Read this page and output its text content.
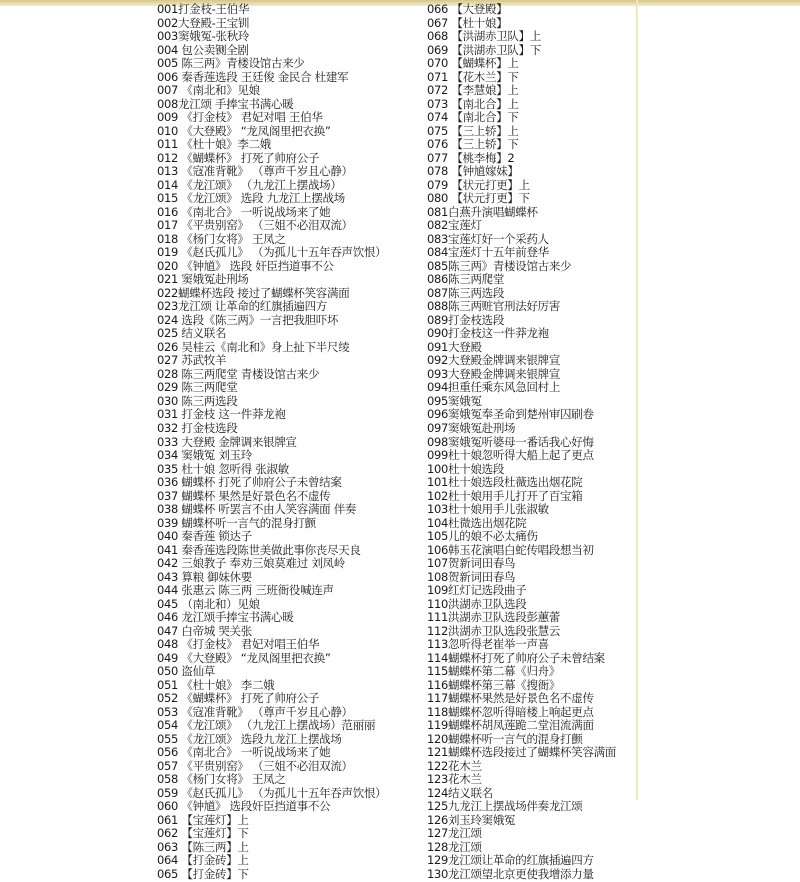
001打金枝-王伯华
002大登殿-王宝钏
003窦娥冤-张秋玲
004 包公卖铡全剧
005 陈三两》青楼设馆古来少
006 秦香莲选段 王廷俊 金民合 杜建军
007 《南北和》见娘
008龙江颂 手捧宝书满心暖
009 《打金枝》 君妃对唱 王伯华
010 《大登殿》 “龙凤阁里把衣换”
011 《杜十娘》李二娥
012 《蝴蝶杯》 打死了帅府公子
013 《寇准背靴》 （尊声千岁且心静）
014 《龙江颂》 （九龙江上摆战场）
015 《龙江颂》 选段 九龙江上摆战场
016 《南北合》 一听说战场来了她
017 《平贵别窑》 （三姐不必泪双流）
018 《杨门女将》 王凤之
019 《赵氏孤儿》 （为孤儿十五年吞声饮恨）
020 《钟馗》 选段 奸臣挡道事不公
021 窦娥冤赴刑场
022蝴蝶杯选段 接过了蝴蝶杯笑容满面
023龙江颂 让革命的红旗插遍四方
024 选段《陈三两》一言把我胆吓坏
025 结义联名
026 吴桂云《南北和》身上扯下半尺绫
027 苏武牧羊
028 陈三两爬堂 青楼设馆古来少
029 陈三两爬堂
030 陈三两选段
031 打金枝 这一件莽龙袍
032 打金枝选段
033 大登殿 金牌调来银牌宣
034 窦娥冤 刘玉玲
035 杜十娘 忽听得 张淑敏
036 蝴蝶杯 打死了帅府公子未曾结案
037 蝴蝶杯 果然是好景色名不虚传
038 蝴蝶杯 听罢言不由人笑容满面 伴奏
039 蝴蝶杯听一言气的混身打颤
040 秦香莲 锁达子
041 秦香莲选段陈世美做此事你丧尽天良
042 三娘教子 奉劝三娘莫难过 刘凤岭
043 算粮 御妹休要
044 张惠云 陈三两 三班衙役喊连声
045 （南北和）见娘
046 龙江颂手捧宝书满心暖
047 白帝城 哭关张
048 《打金枝》 君妃对唱王伯华
049 《大登殿》 “龙凤阁里把衣换”
050 盗仙草
051 《杜十娘》 李二娥
052 《蝴蝶杯》 打死了帅府公子
053 《寇准背靴》 （尊声千岁且心静）
054 《龙江颂》 （九龙江上摆战场）范丽丽
055 《龙江颂》 选段九龙江上摆战场
056 《南北合》 一听说战场来了她
057 《平贵别窑》 （三姐不必泪双流）
058 《杨门女将》 王凤之
059 《赵氏孤儿》 （为孤儿十五年吞声饮恨）
060 《钟馗》 选段奸臣挡道事不公
061 【宝莲灯】上
062 【宝莲灯】下
063 【陈三两】上
064 【打金砖】上
065 【打金砖】下
066 【大登殿】
067 【杜十娘】
068 【洪湖赤卫队】上
069 【洪湖赤卫队】下
070 【蝴蝶杯】上
071 【花木兰】下
072 【李慧娘】上
073 【南北合】上
074 【南北合】下
075 【三上轿】上
076 【三上轿】下
077 【桃李梅】2
078 【钟馗嫁妹】
079 【状元打更】上
080 【状元打更】下
081白燕升演唱蝴蝶杯
082宝莲灯
083宝莲灯好一个采药人
084宝莲灯十五年前登华
085陈三两》青楼设馆古来少
086陈三两爬堂
087陈三两选段
088陈三两赃官刑法好厉害
089打金枝选段
090打金枝这一件莽龙袍
091大登殿
092大登殿金牌调来银牌宣
093大登殿金牌调来银牌宣
094担重任乘东风急回村上
095窦娥冤
096窦娥冤奉圣命到楚州审囚刷卷
097窦娥冤赴刑场
098窦娥冤听婆母一番话我心好悔
099杜十娘忽听得大船上起了更点
100杜十娘选段
101杜十娘选段杜薇选出烟花院
102杜十娘用手儿打开了百宝箱
103杜十娘用手儿张淑敏
104杜微选出烟花院
105儿的娘不必太痛伤
106韩玉花演唱白蛇传唱段想当初
107贺新词田春鸟
108贺新词田春鸟
109红灯记选段曲子
110洪湖赤卫队选段
111洪湖赤卫队选段彭蕙蕾
112洪湖赤卫队选段张慧云
113忽听得老崔举一声喜
114蝴蝶杯打死了帅府公子未曾结案
115蝴蝶杯第二幕《归舟》
116蝴蝶杯第三幕《搜衙》
117蝴蝶杯果然是好景色名不虚传
118蝴蝶杯忽听得暗楼上响起更点
119蝴蝶杯胡凤莲跪二堂泪流满面
120蝴蝶杯听一言气的混身打颤
121蝴蝶杯选段接过了蝴蝶杯笑容满面
122花木兰
123花木兰
124结义联名
125九龙江上摆战场伴奏龙江颂
126刘玉玲窦娥冤
127龙江颂
128龙江颂
129龙江颂让革命的红旗插遍四方
130龙江颂望北京更使我增添力量
